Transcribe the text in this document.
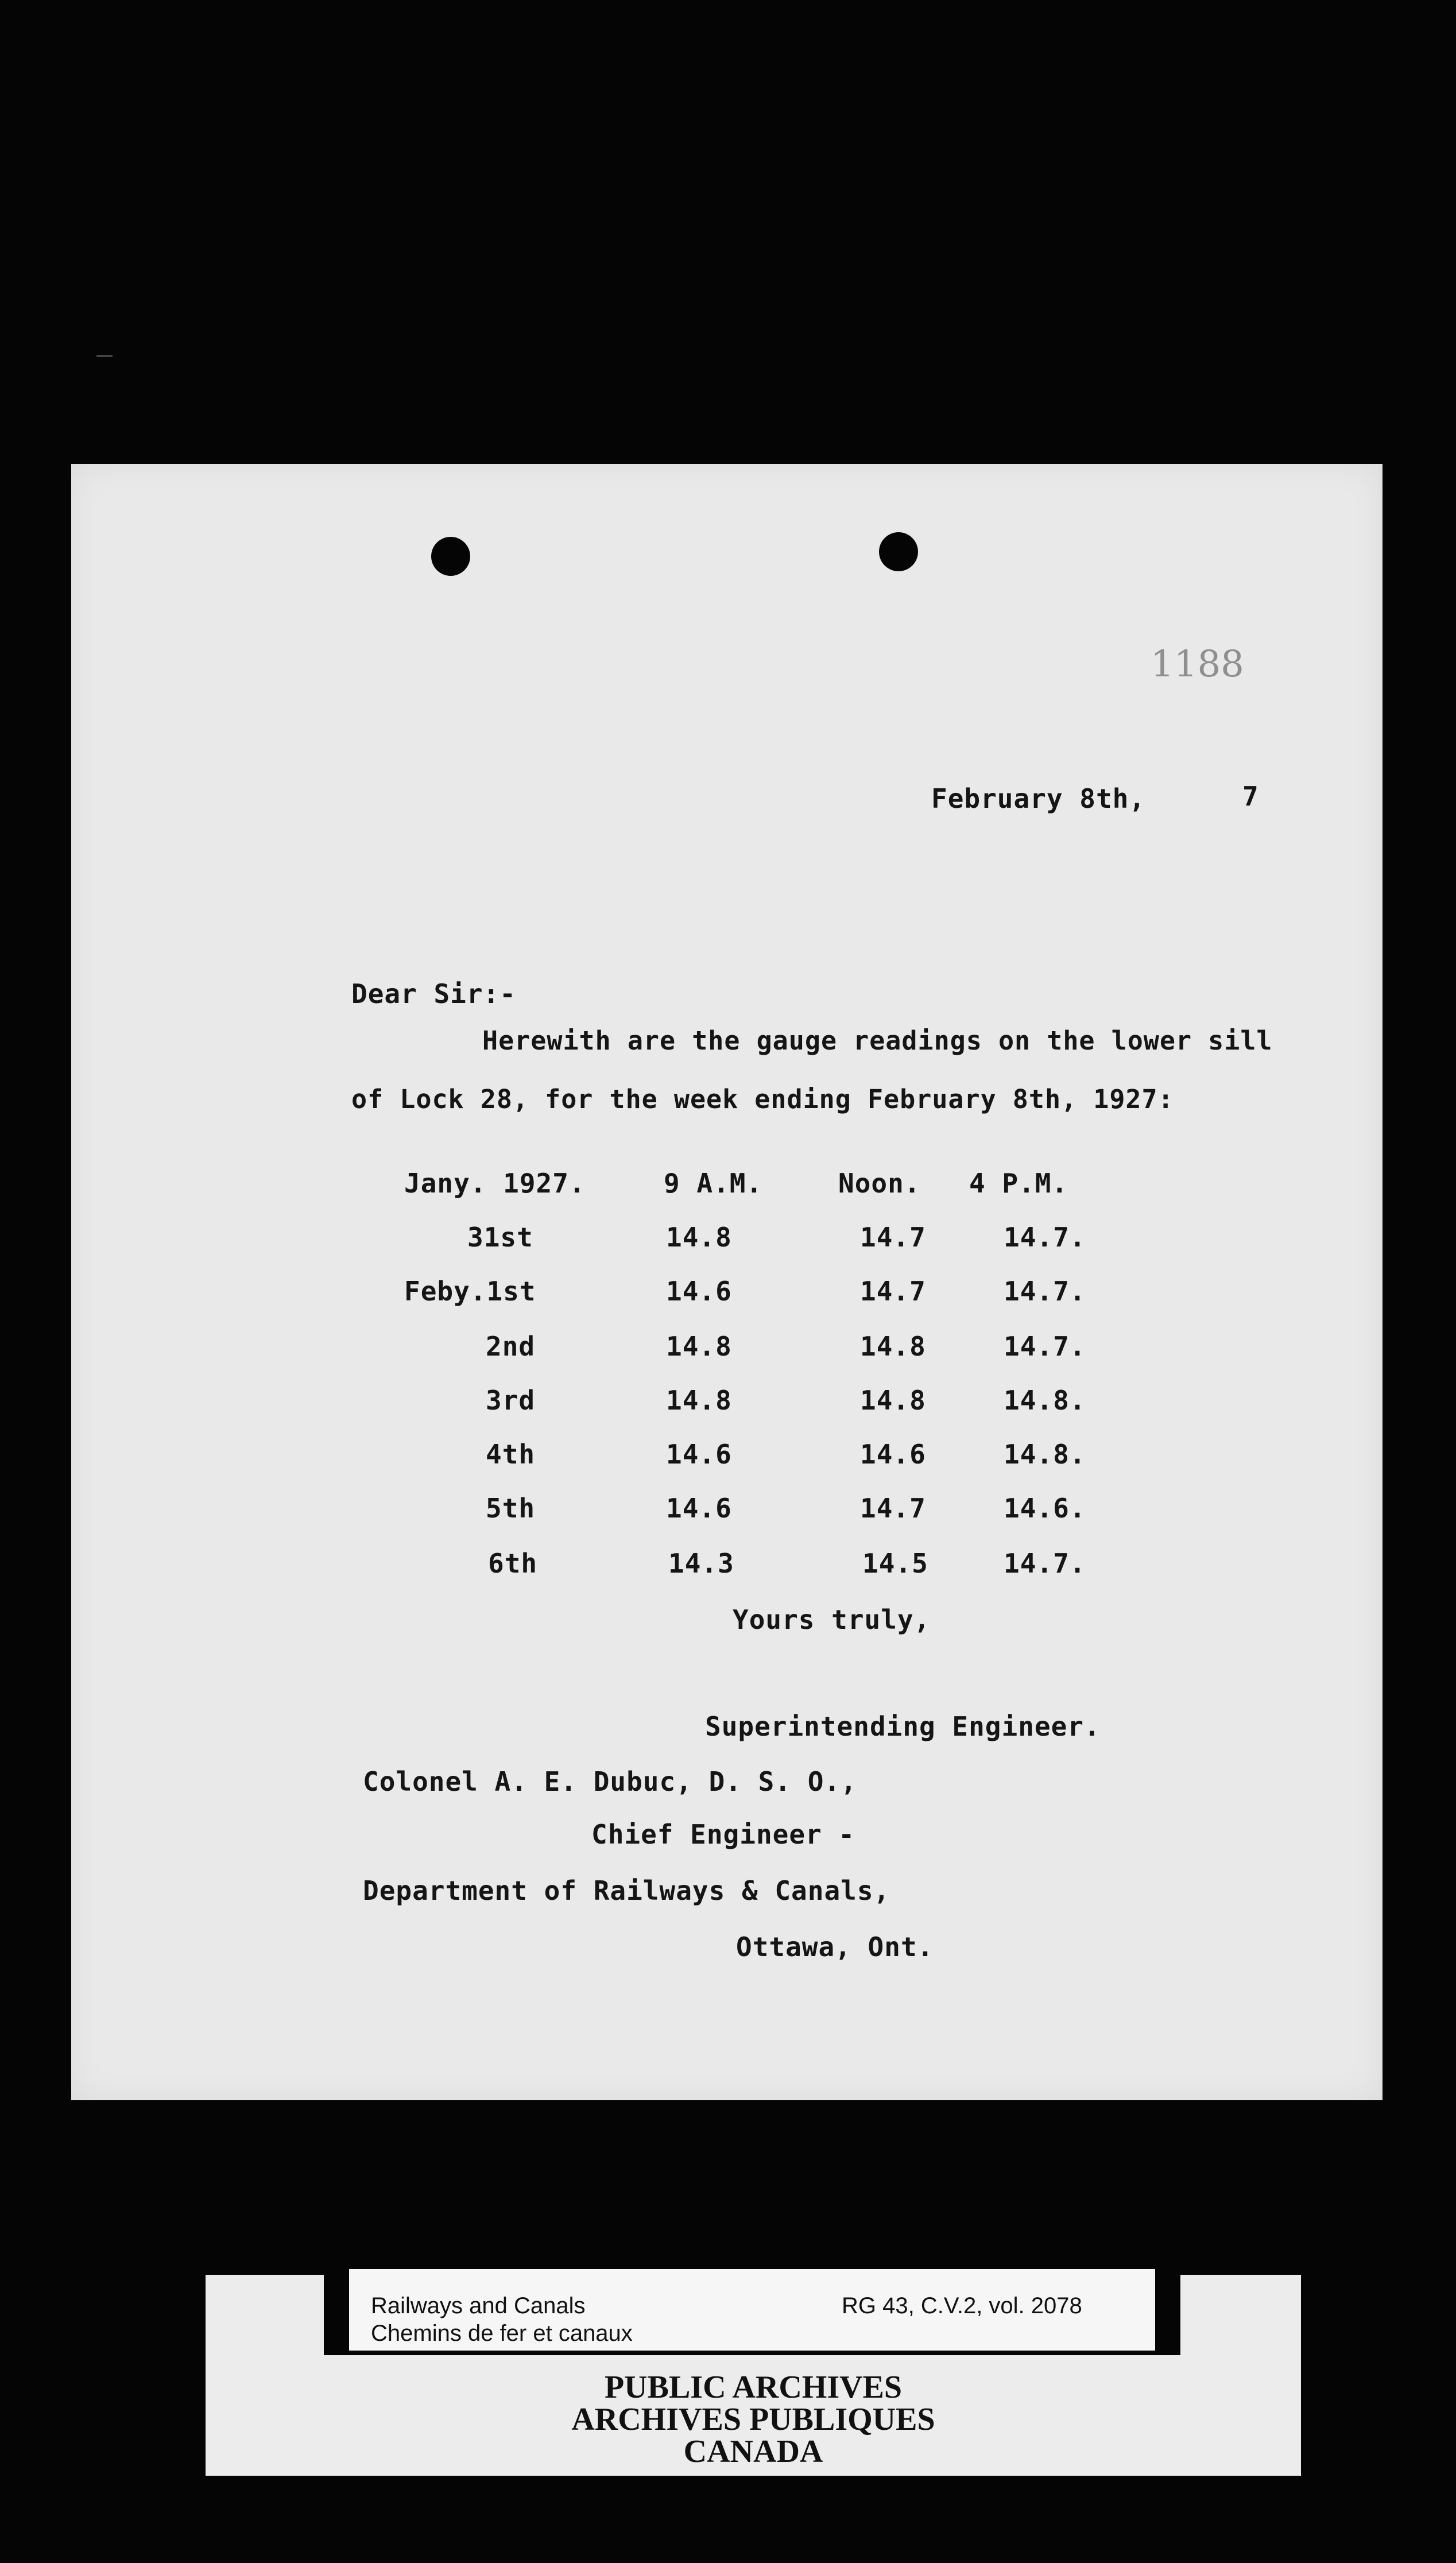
1188
February 8th,	7
Dear Sir:-
Herewith are the gauge readings on the lower sill
of Lock 28, for the week ending February 8th, 1927:
Jany. 1927.	9 A.M.	Noon. 4 P.M.
31st	14.8	14.7	14.7.
Feby.1st	14.6	14.7	14.7.
2nd	14.8	14.8	14.7.
3rd	14.8	14.8	14.8.
4th	14.6	14.6	14.8.
5th	14.6	14.7	14.6.
6th	14.3	14.5	14.7.
Yours truly,
Superintending Engineer.
Colonel A. E. Dubuc, D. S. O.,
Chief Engineer -
Department of Railways & Canals,
Ottawa, Ont.
Railways and Canals
Chemins de fer et canaux
RG 43, C.V.2, vol. 2078
PUBLIC ARCHIVES
ARCHIVES PUBLIQUES
CANADA
